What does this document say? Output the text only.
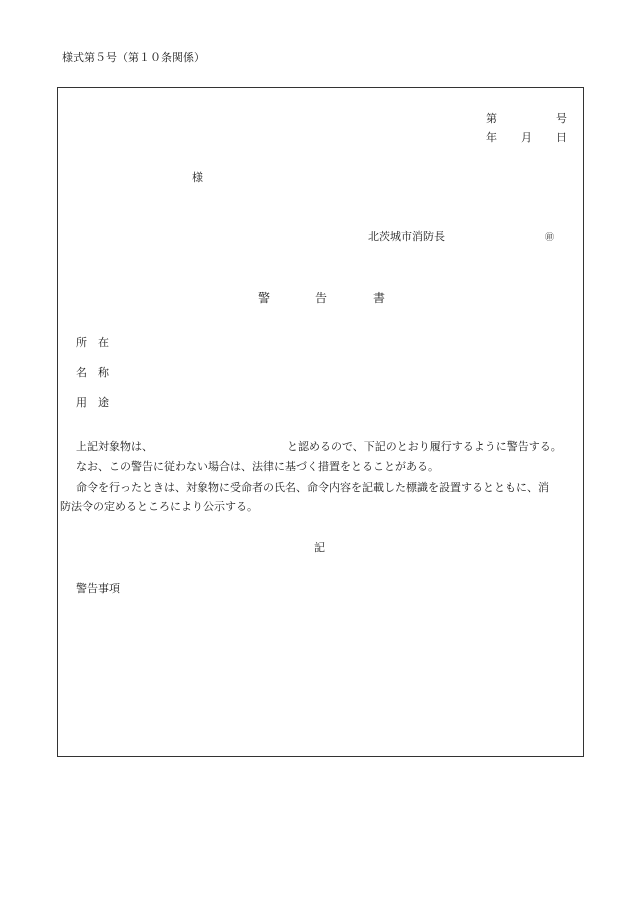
様式第５号（第１０条関係）
第	号
年 月 日
様
北茨城市消防長	㊞
警	告	書
所 在
名 称
用 途
上記対象物は、	と認めるので、下記のとおり履行するように警告する。
なお、この警告に従わない場合は、法律に基づく措置をとることがある。
命令を行ったときは、対象物に受命者の氏名、命令内容を記載した標識を設置するとともに、消
防法令の定めるところにより公示する。
記
警告事項
